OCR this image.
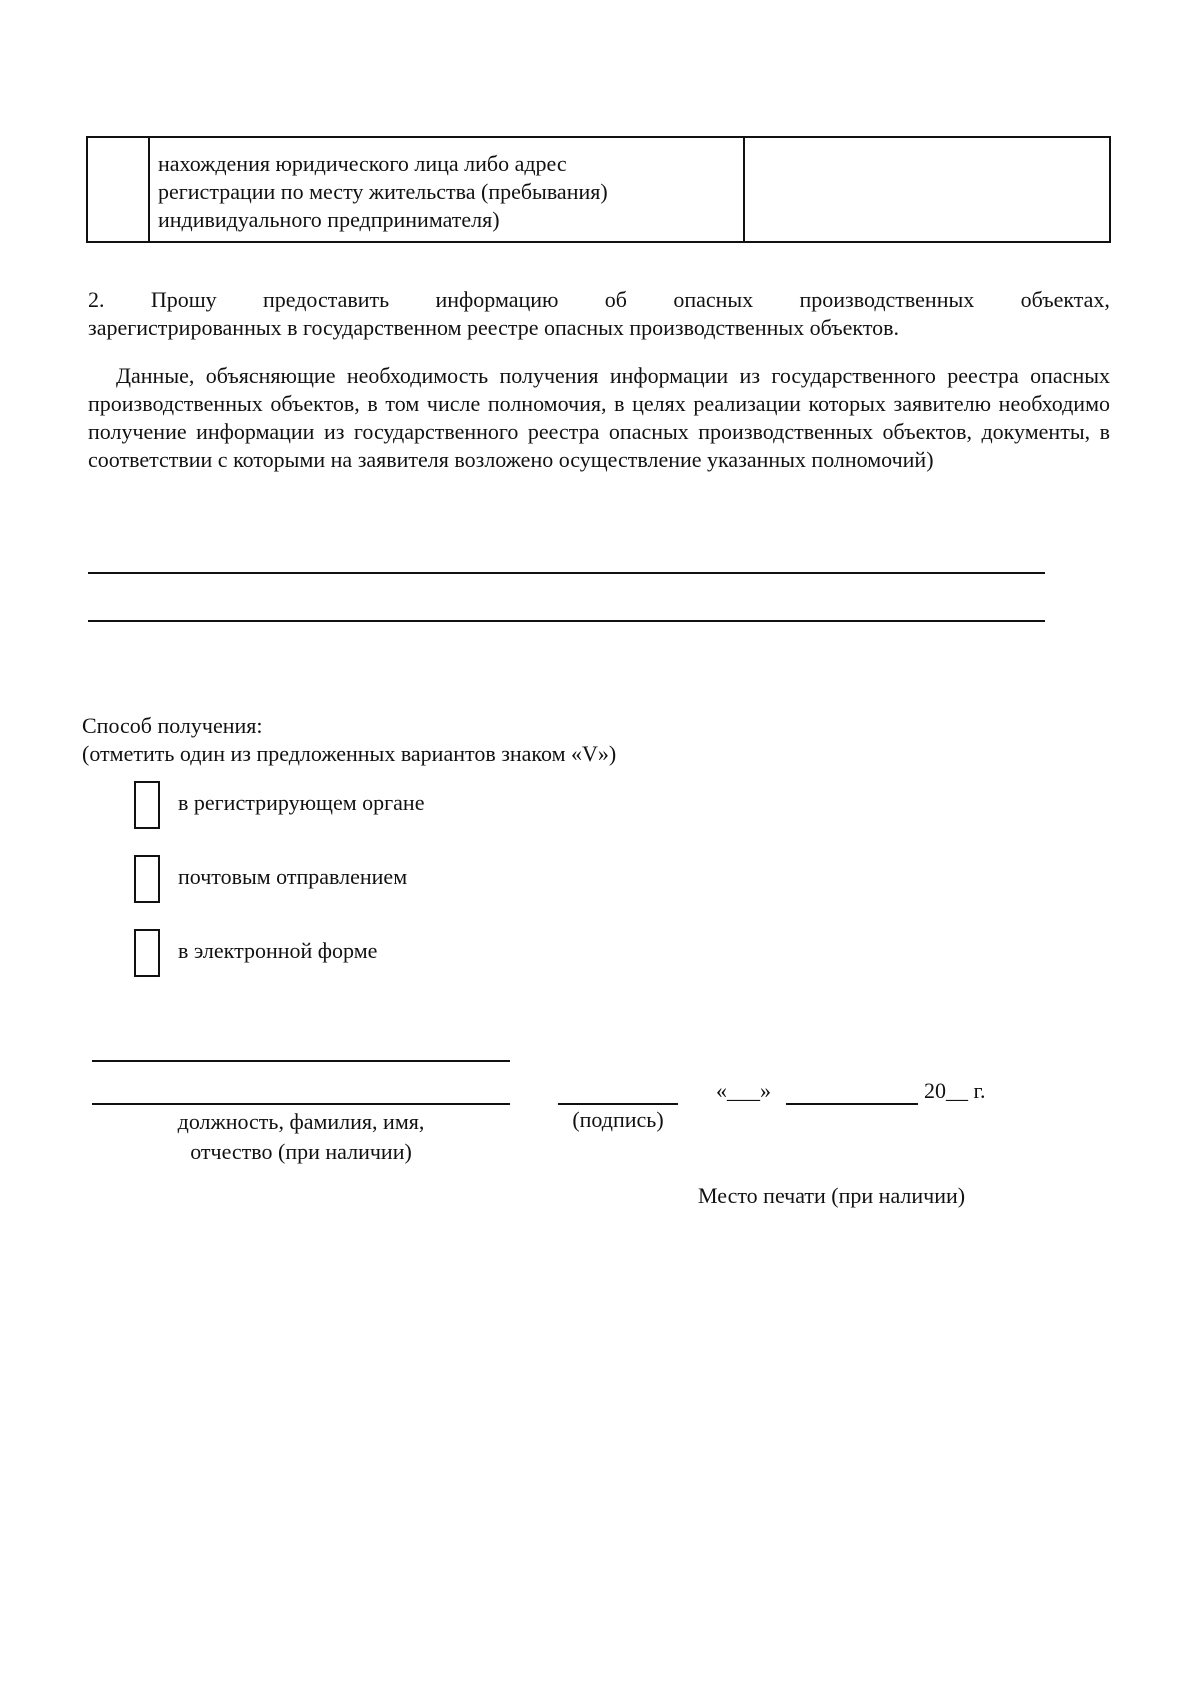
нахождения юридического лица либо адрес
регистрации по месту жительства (пребывания)
индивидуального предпринимателя)
2. Прошу предоставить информацию об опасных производственных объектах,
зарегистрированных в государственном реестре опасных производственных объектов.
Данные, объясняющие необходимость получения информации из государственного реестра опасных производственных объектов, в том числе полномочия, в целях реализации которых заявителю необходимо получение информации из государственного реестра опасных производственных объектов, документы, в соответствии с которыми на заявителя возложено осуществление указанных полномочий)
Способ получения:
(отметить один из предложенных вариантов знаком «V»)
в регистрирующем органе
почтовым отправлением
в электронной форме
должность, фамилия, имя,
отчество (при наличии)
(подпись)
«___»	20__ г.
Место печати (при наличии)
